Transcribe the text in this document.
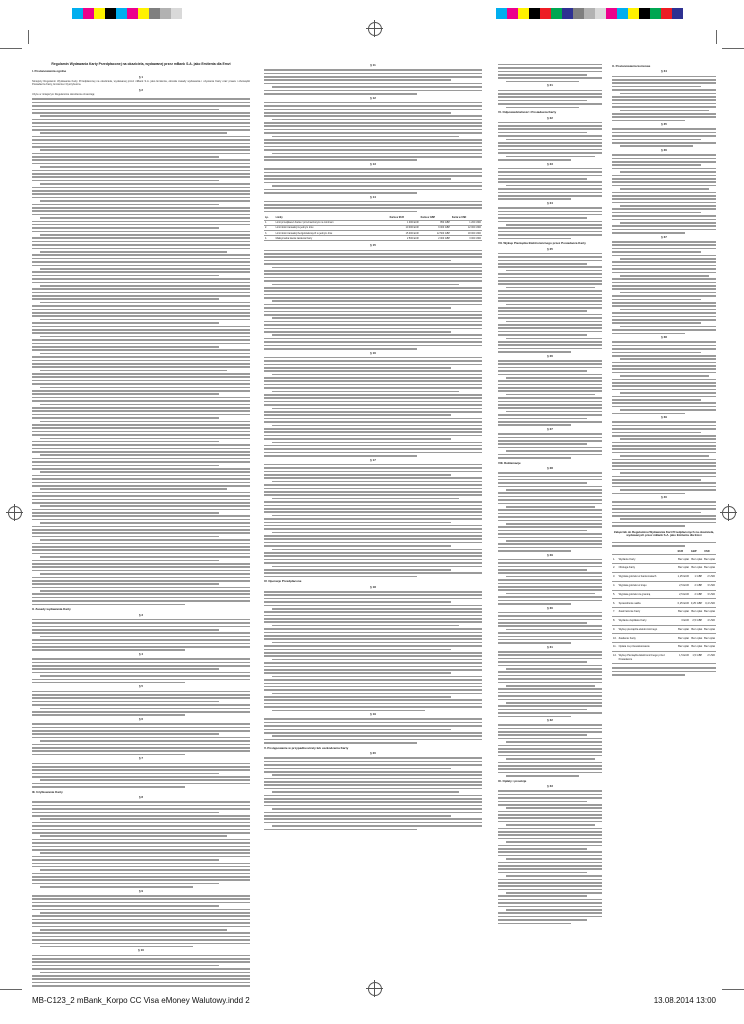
Regulamin Wydawania Karty Przedpłaconej na okaziciela, wydawanej przez mBank S.A. jako Emitenta dla Emvi
I. Postanowienia ogólne
§ 1
Niniejszy Regulamin Wydawania Karty Przedpłaconej na okaziciela, wydawanej przez mBank S.A. jako Emitenta, określa zasady wydawania i używania Karty oraz prawa i obowiązki Posiadacza Karty, Emitenta i Dystrybutora.
§ 2
Użyte w niniejszym Regulaminie określenia oznaczają:
II. Zasady wydawania Karty
§ 3
§ 4
§ 5
§ 6
§ 7
III. Użytkowanie Karty
§ 8
§ 9
§ 10
§ 11
§ 12
§ 13
§ 14
Lp.	Limity	Karta w EUR	Karta w GBP	Karta w USD
1.	Limit przedpłaceń Karta z przeznaczonym na minimum	1 000 EUR	850 GBP	1 200 USD
2.	Limit ilości transakcji w jednym dniu	10 000 EUR	9 000 GBP	12 000 USD
3.	Limit ilości transakcji bezgotówkowych w jednym dniu	15 000 EUR	12 500 GBP	18 000 USD
4.	Maksymalna kwota zasilenia Karty	2 500 EUR	2 000 GBP	3 000 USD
§ 15
§ 16
§ 17
IV. Operacje Przedpłacone
§ 18
§ 19
V. Postępowanie w przypadku utraty lub uszkodzenia Karty
§ 20
§ 21
VI. Odpowiedzialność i Posiadacza Karty
§ 22
§ 23
§ 24
VII. Wykup Pieniądza Elektronicznego przez Posiadacza Karty
§ 25
§ 26
§ 27
VIII. Reklamacje
§ 28
§ 29
§ 30
§ 31
§ 32
IX. Opłaty i prowizje
§ 33
X. Postanowienia końcowe
§ 34
§ 35
§ 36
§ 37
§ 38
§ 39
§ 40
Załącznik do Regulaminu Wydawania Kart Przedpłaconych na okaziciela, wydawanych przez mBank S.A. jako Emitenta dla Emvi
		EUR	GBP	USD
1.	Wydanie Karty	Bez opłat	Bez opłat	Bez opłat
2.	Obsługa Karty	Bez opłat	Bez opłat	Bez opłat
3.	Wypłata gotówki w bankomatach	1,25 EUR	1 GBP	2 USD
4.	Wypłata gotówki w kraju	2,5 EUR	2 GBP	3 USD
5.	Wypłata gotówki za granicą	2,5 EUR	2 GBP	3 USD
6.	Sprawdzenie salda	0,25 EUR	0,25 GBP	0,4 USD
7.	Zastrzeżenie Karty	Bez opłat	Bez opłat	Bez opłat
8.	Wydanie duplikatu Karty	3 EUR	2,5 GBP	4 USD
9.	Wykup pieniądza elektronicznego	Bez opłat	Bez opłat	Bez opłat
10.	Zasilenie Karty	Bez opłat	Bez opłat	Bez opłat
11.	Opłata za przewalutowanie	Bez opłat	Bez opłat	Bez opłat
12.	Wykup Pieniądza Elektronicznego przez Posiadacza	1,5 EUR	1,5 GBP	2 USD
MB-C123_2 mBank_Korpo CC Visa eMoney Walutowy.indd 2	13.08.2014 13:00
